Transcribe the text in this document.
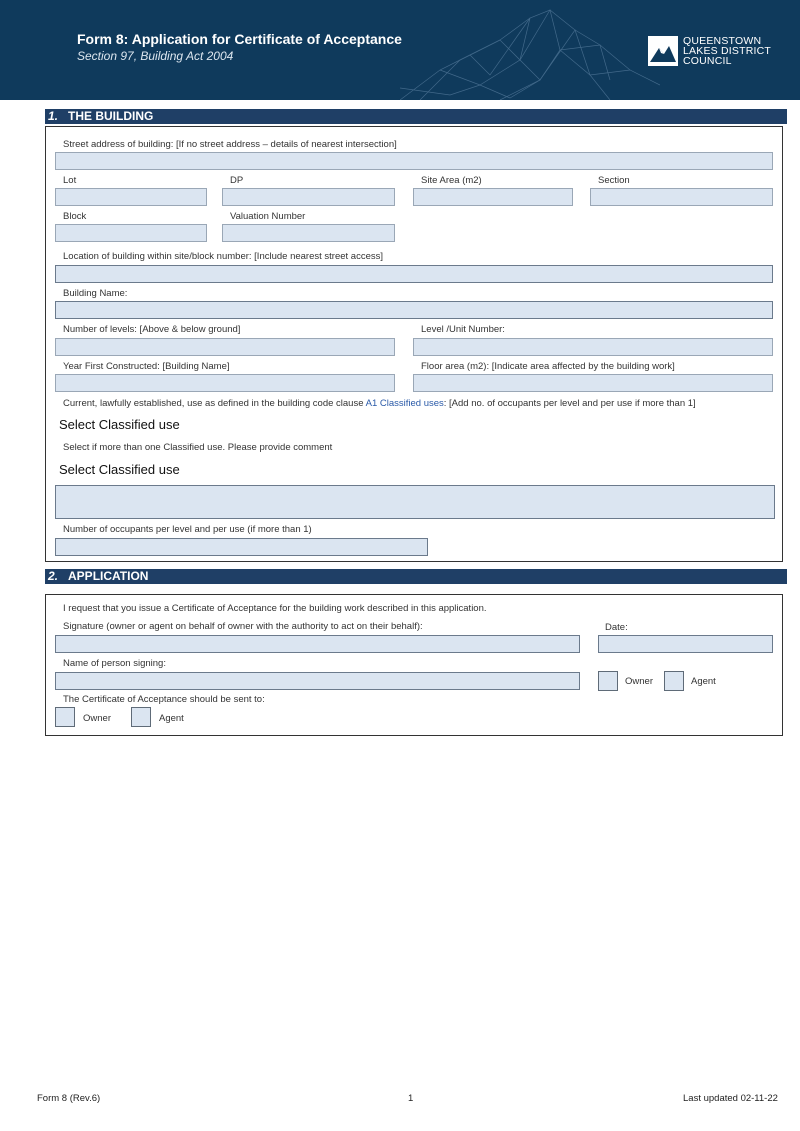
Form 8: Application for Certificate of Acceptance
Section 97, Building Act 2004
QUEENSTOWN
LAKES DISTRICT
COUNCIL
1. THE BUILDING
Street address of building: [If no street address – details of nearest intersection]
Lot	DP	Site Area (m2)	Section
Block	Valuation Number
Location of building within site/block number: [Include nearest street access]
Building Name:
Number of levels: [Above & below ground]	Level /Unit Number:
Year First Constructed: [Building Name]	Floor area (m2): [Indicate area affected by the building work]
Current, lawfully established, use as defined in the building code clause A1 Classified uses: [Add no. of occupants per level and per use if more than 1]
Select Classified use
Select if more than one Classified use. Please provide comment
Select Classified use
Number of occupants per level and per use (if more than 1)
2. APPLICATION
I request that you issue a Certificate of Acceptance for the building work described in this application.
Signature (owner or agent on behalf of owner with the authority to act on their behalf):	Date:
Name of person signing:
Owner	Agent
The Certificate of Acceptance should be sent to:
Owner	Agent
Form 8 (Rev.6)	1	Last updated 02-11-22
